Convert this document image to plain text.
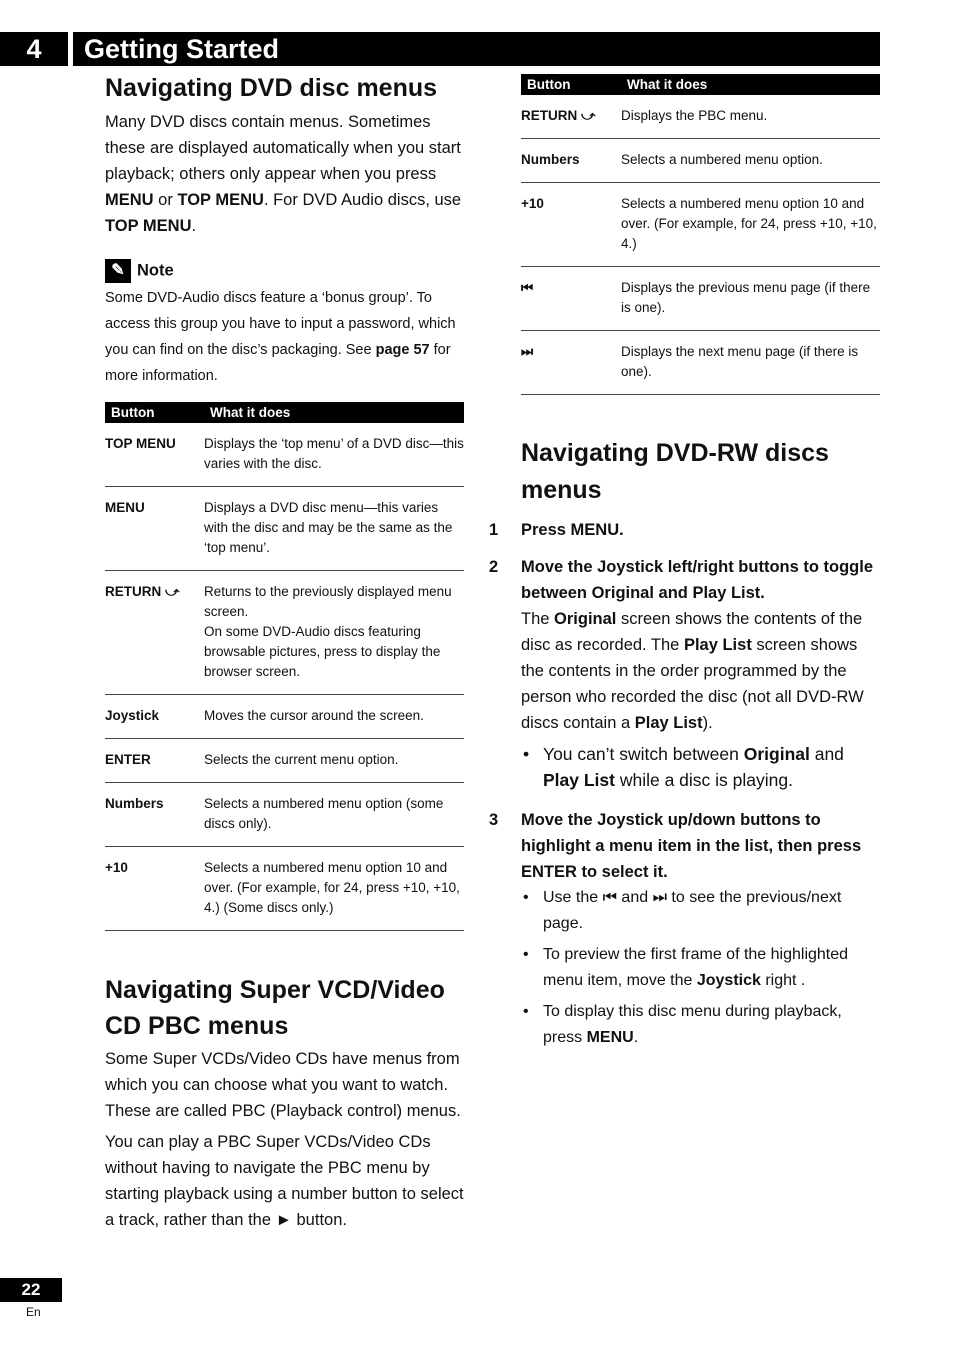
4	Getting Started
Navigating DVD disc menus

Many DVD discs contain menus. Sometimes these are displayed automatically when you start playback; others only appear when you press MENU or TOP MENU. For DVD Audio discs, use TOP MENU.

✎ Note

Some DVD-Audio discs feature a ‘bonus group’. To access this group you have to input a password, which you can find on the disc’s packaging. See page 57 for more information.

Button	What it does
TOP MENU	Displays the ‘top menu’ of a DVD disc—this varies with the disc.
MENU	Displays a DVD disc menu—this varies with the disc and may be the same as the ‘top menu’.
RETURN ⤻	Returns to the previously displayed menu screen.
On some DVD-Audio discs featuring browsable pictures, press to display the browser screen.
Joystick	Moves the cursor around the screen.
ENTER	Selects the current menu option.
Numbers	Selects a numbered menu option (some discs only).
+10	Selects a numbered menu option 10 and over. (For example, for 24, press +10, +10, 4.) (Some discs only.)
Navigating Super VCD/Video CD PBC menus

Some Super VCDs/Video CDs have menus from which you can choose what you want to watch. These are called PBC (Playback control) menus.

You can play a PBC Super VCDs/Video CDs without having to navigate the PBC menu by starting playback using a number button to select a track, rather than the ► button.

Button	What it does
RETURN ⤻	Displays the PBC menu.
Numbers	Selects a numbered menu option.
+10	Selects a numbered menu option 10 and over. (For example, for 24, press +10, +10, 4.)
⏮	Displays the previous menu page (if there is one).
⏭	Displays the next menu page (if there is one).
Navigating DVD-RW discs menus
1 Press MENU.
2 Move the Joystick left/right buttons to toggle between Original and Play List.

The Original screen shows the contents of the disc as recorded. The Play List screen shows the contents in the order programmed by the person who recorded the disc (not all DVD-RW discs contain a Play List).

• You can’t switch between Original and Play List while a disc is playing.
3 Move the Joystick up/down buttons to highlight a menu item in the list, then press ENTER to select it.
• Use the ⏮ and ⏭ to see the previous/next page.
• To preview the first frame of the highlighted menu item, move the Joystick right .
• To display this disc menu during playback, press MENU.
22
En
